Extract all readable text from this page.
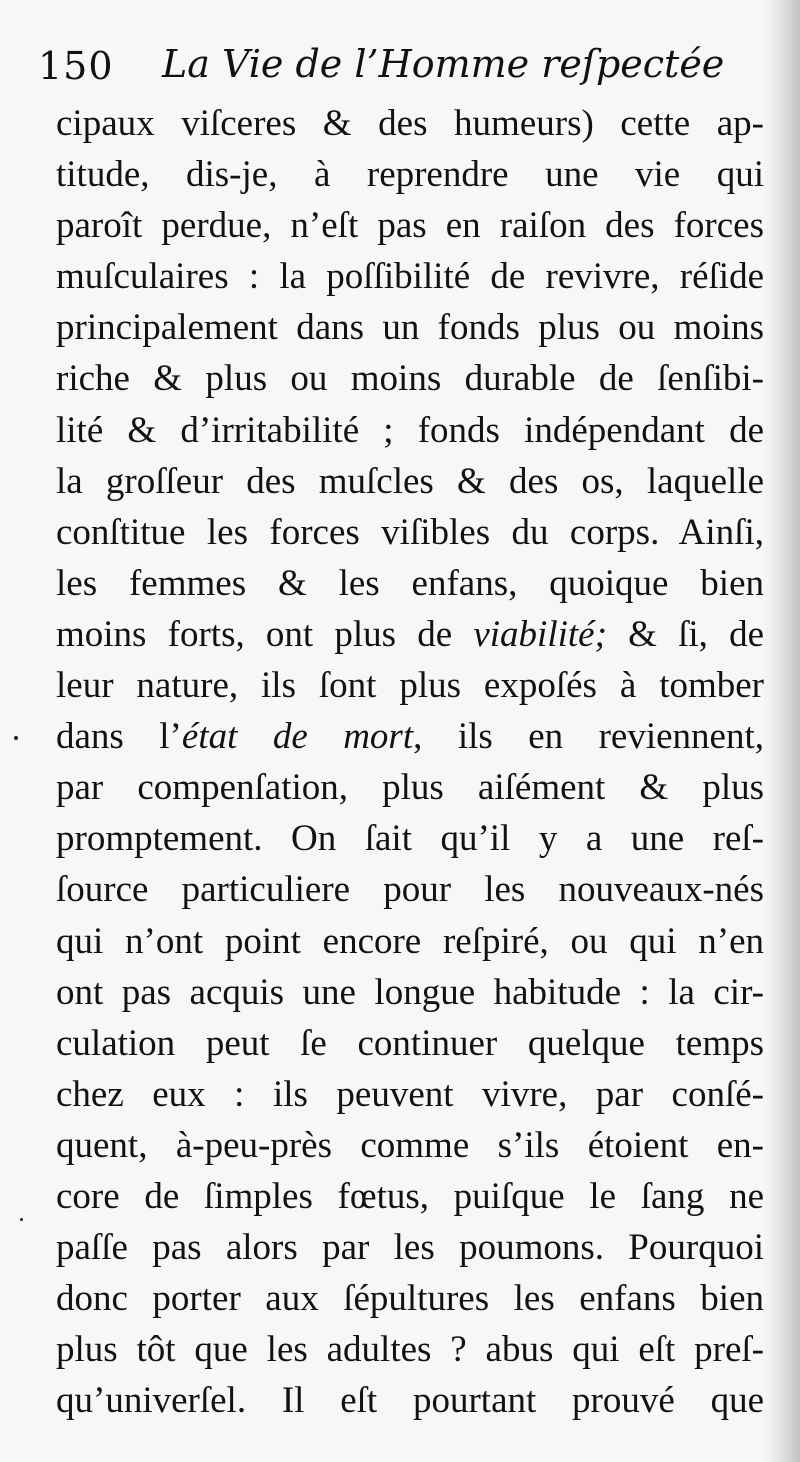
150 La Vie de l’Homme reſpectée
cipaux viſceres & des humeurs) cette ap-
titude, dis-je, à reprendre une vie qui
paroît perdue, n’eſt pas en raiſon des forces
muſculaires : la poſſibilité de revivre, réſide
principalement dans un fonds plus ou moins
riche & plus ou moins durable de ſenſibi-
lité & d’irritabilité ; fonds indépendant de
la groſſeur des muſcles & des os, laquelle
conſtitue les forces viſibles du corps. Ainſi,
les femmes & les enfans, quoique bien
moins forts, ont plus de viabilité; & ſi, de
leur nature, ils ſont plus expoſés à tomber
dans l’état de mort, ils en reviennent,
par compenſation, plus aiſément & plus
promptement. On ſait qu’il y a une reſ-
ſource particuliere pour les nouveaux-nés
qui n’ont point encore reſpiré, ou qui n’en
ont pas acquis une longue habitude : la cir-
culation peut ſe continuer quelque temps
chez eux : ils peuvent vivre, par conſé-
quent, à-peu-près comme s’ils étoient en-
core de ſimples fœtus, puiſque le ſang ne
paſſe pas alors par les poumons. Pourquoi
donc porter aux ſépultures les enfans bien
plus tôt que les adultes ? abus qui eſt preſ-
qu’univerſel. Il eſt pourtant prouvé que
